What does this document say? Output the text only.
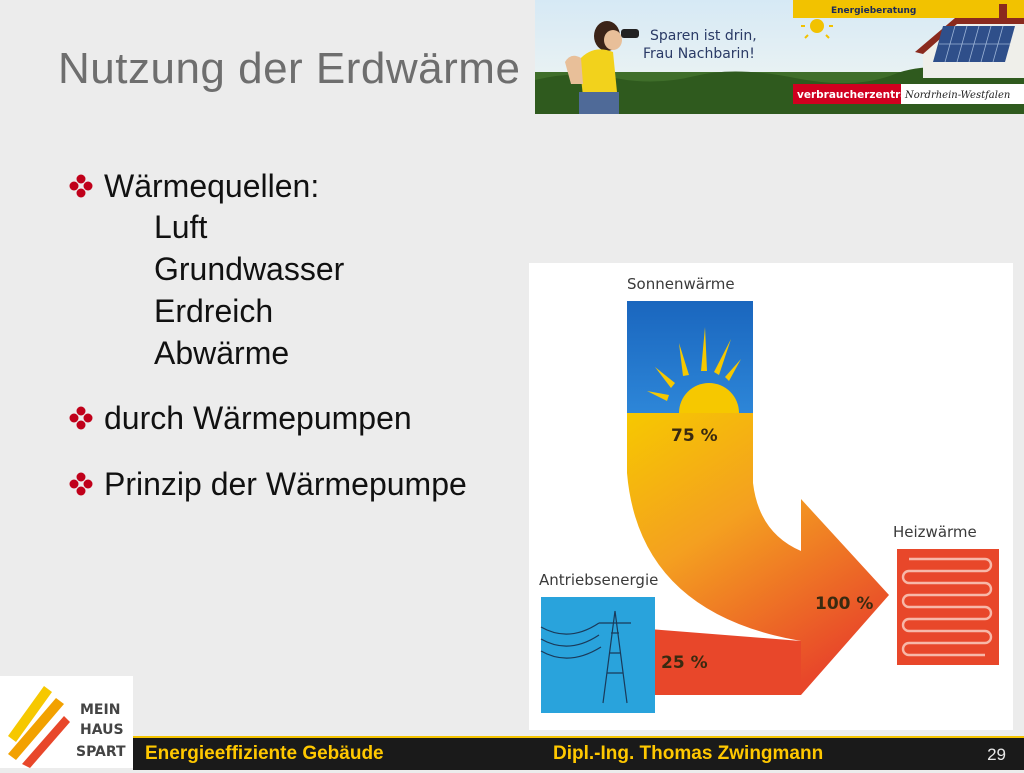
Nutzung der Erdwärme
Sparen ist drin,
Frau Nachbarin!
Energieberatung
verbraucherzentrale
Nordrhein-Westfalen
Wärmequellen:
Luft
Grundwasser
Erdreich
Abwärme
durch Wärmepumpen
Prinzip der Wärmepumpe
Sonnenwärme
75 %
Antriebsenergie
25 %
100 %
Heizwärme
MEIN
HAUS
SPART Energieeffiziente Gebäude	Dipl.-Ing. Thomas Zwingmann	29
